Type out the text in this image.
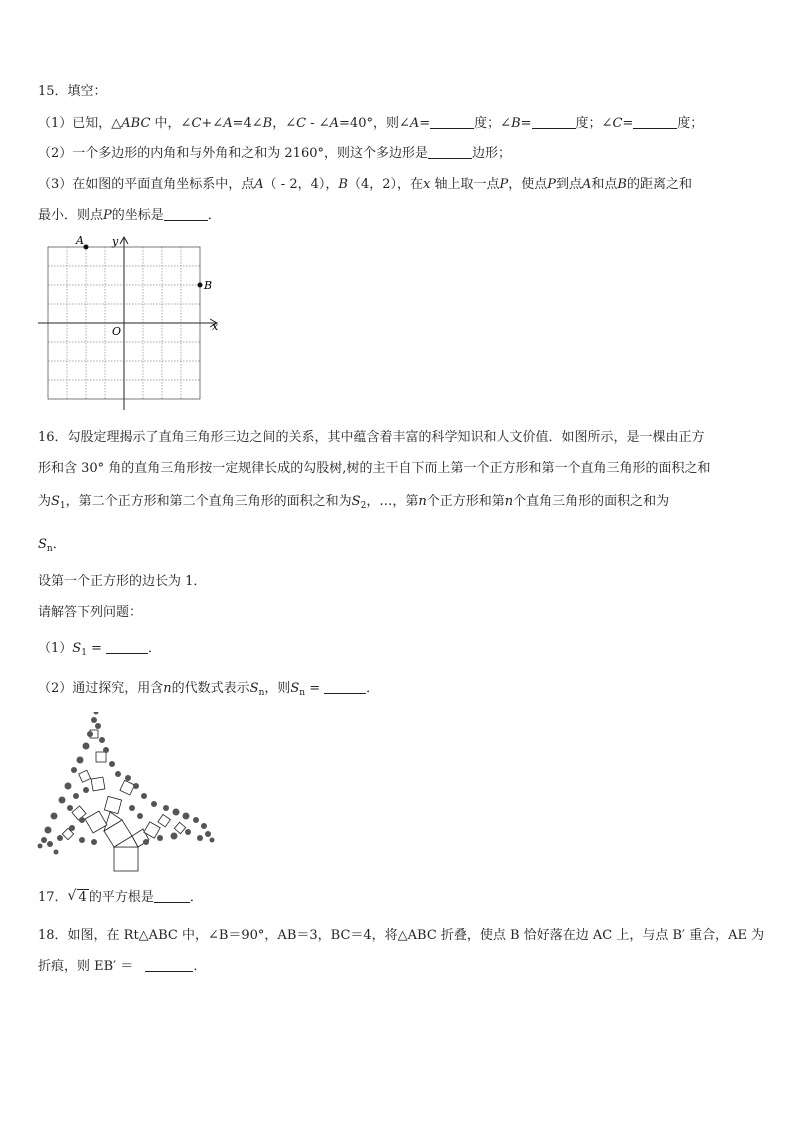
15．填空：
（1）已知，△ABC 中，∠C+∠A=4∠B，∠C - ∠A=40°，则∠A=	度；∠B=	度；∠C=	度；
（2）一个多边形的内角和与外角和之和为 2160°，则这个多边形是	边形；
（3）在如图的平面直角坐标系中，点A（ - 2，4），B（4，2），在x 轴上取一点P，使点P到点A和点B的距离之和
最小．则点P的坐标是	．
A
B
O	x
y
16．勾股定理揭示了直角三角形三边之间的关系，其中蕴含着丰富的科学知识和人文价值．如图所示，是一棵由正方
形和含 30° 角的直角三角形按一定规律长成的勾股树,树的主干自下而上第一个正方形和第一个直角三角形的面积之和
为$S_1$，第二个正方形和第二个直角三角形的面积之和为$S_2$，…，第n个正方形和第n个直角三角形的面积之和为
$S_n$．
设第一个正方形的边长为 1．
请解答下列问题：
$(1)S_1$ =	．
（2）通过探究，用含n的代数式表示$S_n$，则$S_n$ =	．
17． √ 4 的平方根是	．
18．如图，在 Rt△ABC 中，∠B＝90°，AB＝3，BC＝4，将△ABC 折叠，使点 B 恰好落在边 AC 上，与点 B′ 重合，AE 为
折痕，则 EB′ ＝	．
